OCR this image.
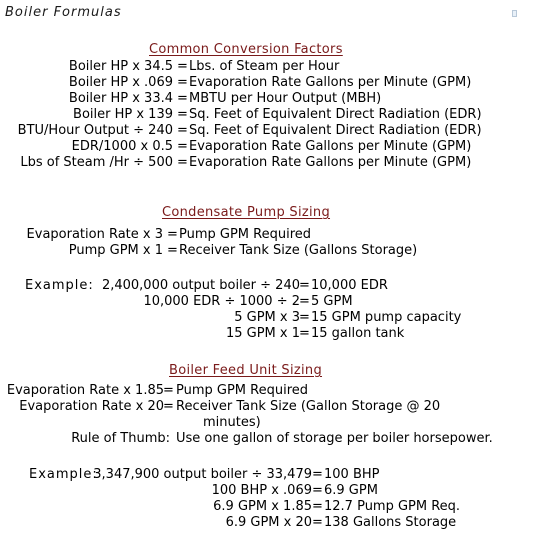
Boiler Formulas
Common Conversion Factors
Boiler HP x 34.5 = Lbs. of Steam per Hour
Boiler HP x .069 = Evaporation Rate Gallons per Minute (GPM)
Boiler HP x 33.4 = MBTU per Hour Output (MBH)
Boiler HP x 139 = Sq. Feet of Equivalent Direct Radiation (EDR)
BTU/Hour Output ÷ 240 = Sq. Feet of Equivalent Direct Radiation (EDR)
EDR/1000 x 0.5 = Evaporation Rate Gallons per Minute (GPM)
Lbs of Steam /Hr ÷ 500 = Evaporation Rate Gallons per Minute (GPM)
Condensate Pump Sizing
Evaporation Rate x 3 = Pump GPM Required
Pump GPM x 1 = Receiver Tank Size (Gallons Storage)
Example: 2,400,000 output boiler ÷ 240 = 10,000 EDR
10,000 EDR ÷ 1000 ÷ 2 = 5 GPM
5 GPM x 3 = 15 GPM pump capacity
15 GPM x 1 = 15 gallon tank
Boiler Feed Unit Sizing
Evaporation Rate x 1.85 = Pump GPM Required
Evaporation Rate x 20 = Receiver Tank Size (Gallon Storage @ 20
minutes)
Rule of Thumb: Use one gallon of storage per boiler horsepower.
Example:
3,347,900 output boiler ÷ 33,479 = 100 BHP
100 BHP x .069 = 6.9 GPM
6.9 GPM x 1.85 = 12.7 Pump GPM Req.
6.9 GPM x 20 = 138 Gallons Storage
